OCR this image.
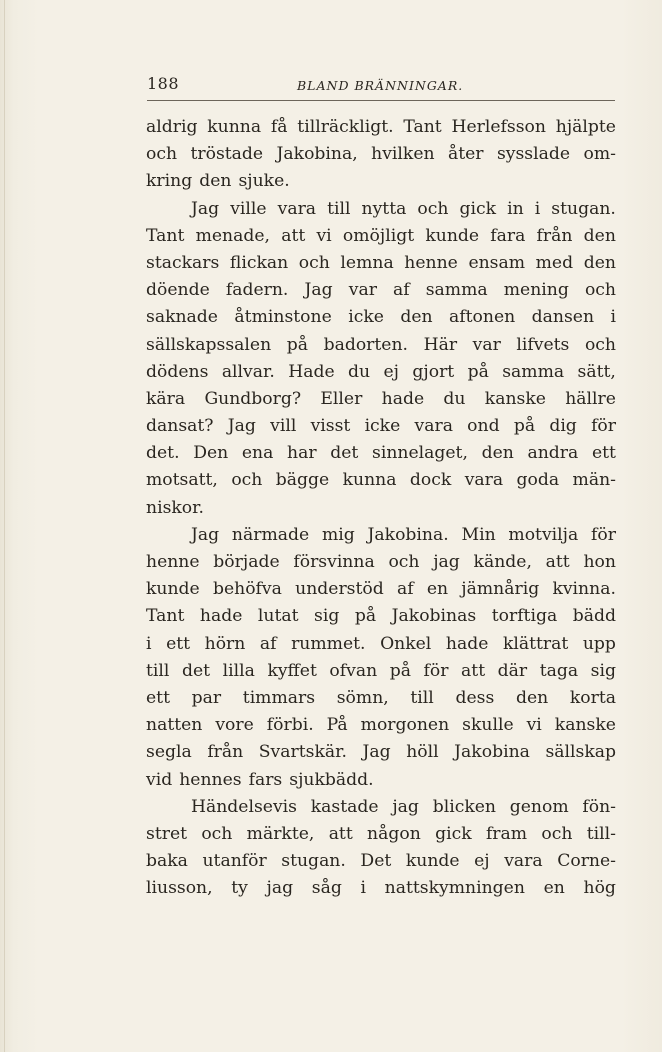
188	BLAND BRÄNNINGAR.
aldrig kunna få tillräckligt. Tant Herlefsson hjälpte
och tröstade Jakobina, hvilken åter sysslade om-
kring den sjuke.
Jag ville vara till nytta och gick in i stugan.
Tant menade, att vi omöjligt kunde fara från den
stackars flickan och lemna henne ensam med den
döende fadern. Jag var af samma mening och
saknade åtminstone icke den aftonen dansen i
sällskapssalen på badorten. Här var lifvets och
dödens allvar. Hade du ej gjort på samma sätt,
kära Gundborg? Eller hade du kanske hällre
dansat? Jag vill visst icke vara ond på dig för
det. Den ena har det sinnelaget, den andra ett
motsatt, och bägge kunna dock vara goda män-
niskor.
Jag närmade mig Jakobina. Min motvilja för
henne började försvinna och jag kände, att hon
kunde behöfva understöd af en jämnårig kvinna.
Tant hade lutat sig på Jakobinas torftiga bädd
i ett hörn af rummet. Onkel hade klättrat upp
till det lilla kyffet ofvan på för att där taga sig
ett par timmars sömn, till dess den korta
natten vore förbi. På morgonen skulle vi kanske
segla från Svartskär. Jag höll Jakobina sällskap
vid hennes fars sjukbädd.
Händelsevis kastade jag blicken genom fön-
stret och märkte, att någon gick fram och till-
baka utanför stugan. Det kunde ej vara Corne-
liusson, ty jag såg i nattskymningen en hög
